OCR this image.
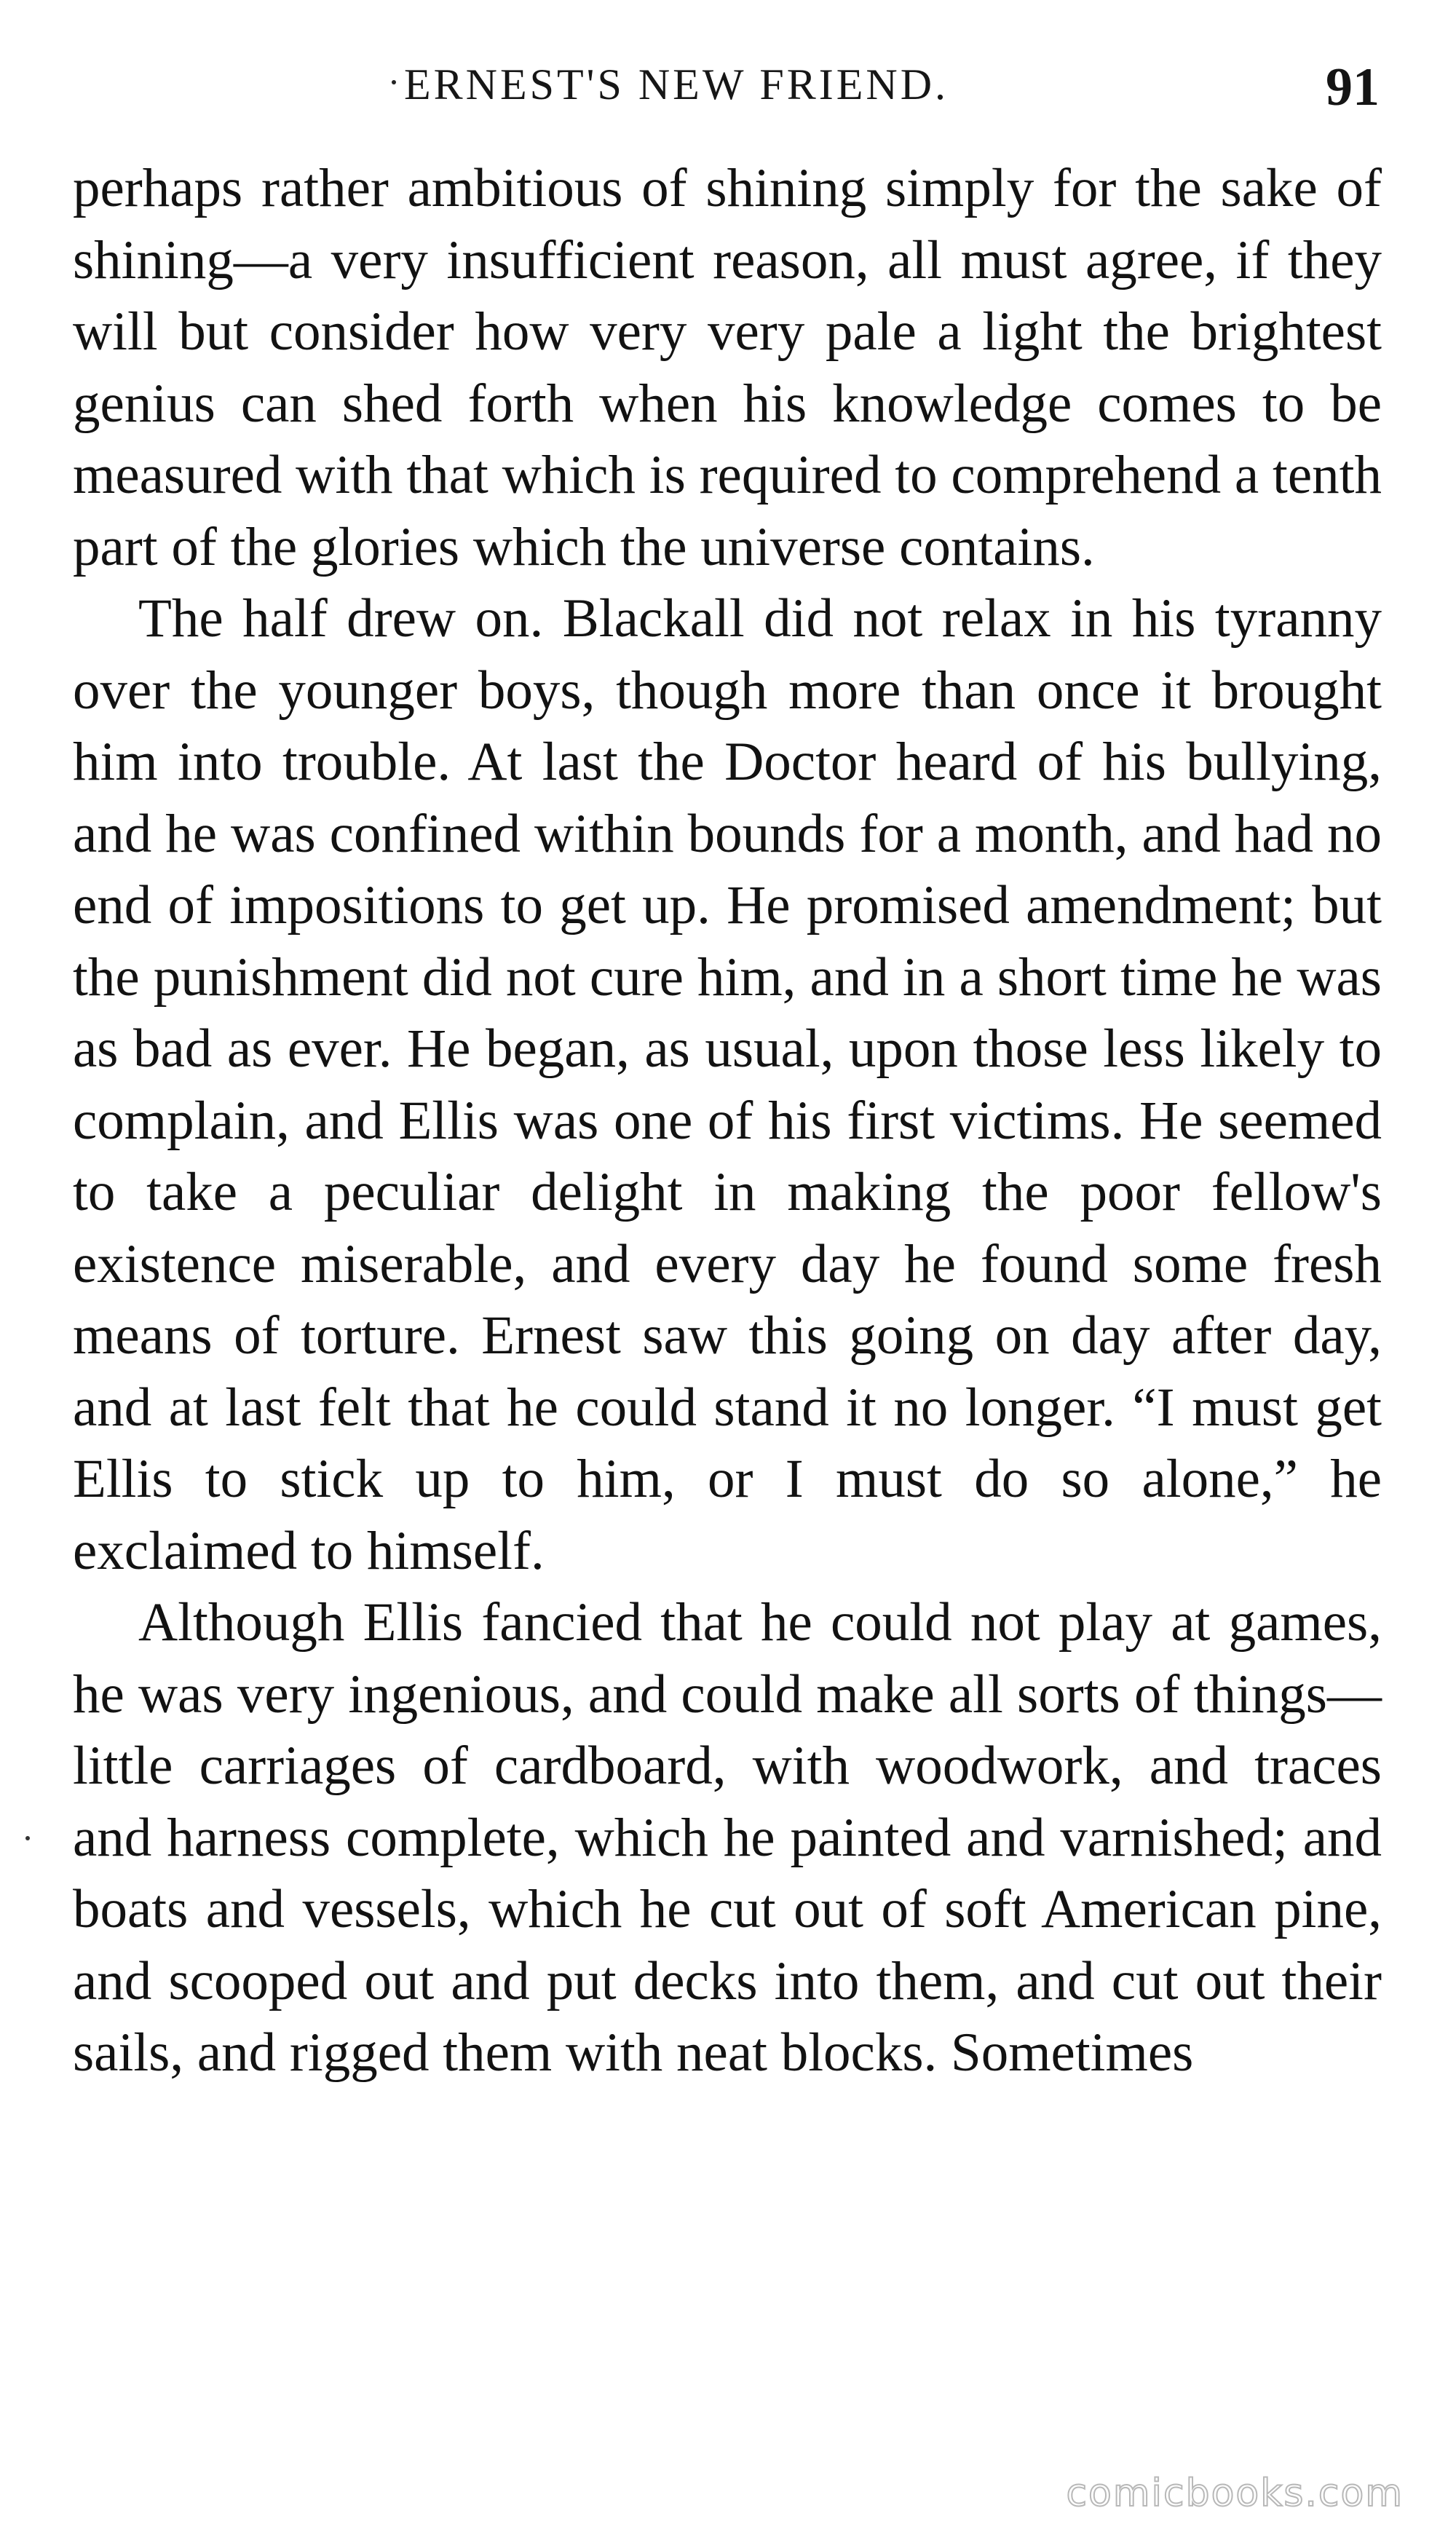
ERNEST'S NEW FRIEND.	91

perhaps rather ambitious of shining simply for the sake of shining—a very insufficient reason, all must agree, if they will but consider how very very pale a light the brightest genius can shed forth when his knowledge comes to be measured with that which is required to comprehend a tenth part of the glories which the universe contains.

The half drew on. Blackall did not relax in his tyranny over the younger boys, though more than once it brought him into trouble. At last the Doctor heard of his bullying, and he was confined within bounds for a month, and had no end of impositions to get up. He promised amendment; but the punishment did not cure him, and in a short time he was as bad as ever. He began, as usual, upon those less likely to complain, and Ellis was one of his first victims. He seemed to take a peculiar delight in making the poor fellow's existence miserable, and every day he found some fresh means of torture. Ernest saw this going on day after day, and at last felt that he could stand it no longer. “I must get Ellis to stick up to him, or I must do so alone,” he exclaimed to himself.

Although Ellis fancied that he could not play at games, he was very ingenious, and could make all sorts of things—little carriages of cardboard, with woodwork, and traces and harness complete, which he painted and varnished; and boats and vessels, which he cut out of soft American pine, and scooped out and put decks into them, and cut out their sails, and rigged them with neat blocks. Sometimes

comicbooks.com
